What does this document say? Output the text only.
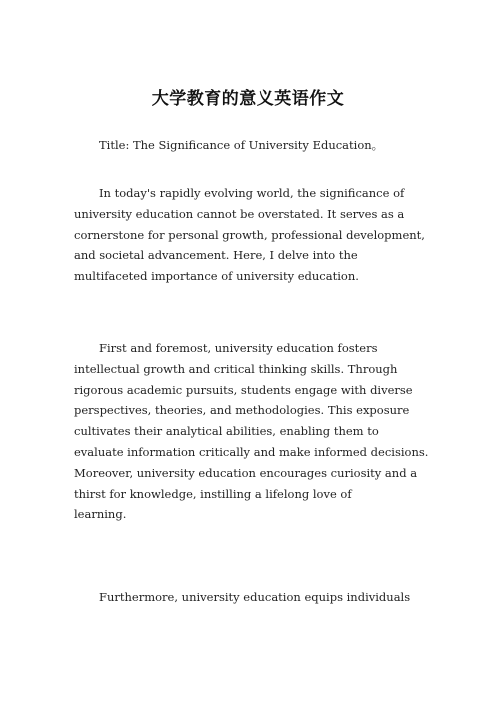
大学教育的意义英语作文
Title: The Significance of University Education。

In today's rapidly evolving world, the significance of
university education cannot be overstated. It serves as a
cornerstone for personal growth, professional development,
and societal advancement. Here, I delve into the
multifaceted importance of university education.

First and foremost, university education fosters
intellectual growth and critical thinking skills. Through
rigorous academic pursuits, students engage with diverse
perspectives, theories, and methodologies. This exposure
cultivates their analytical abilities, enabling them to
evaluate information critically and make informed decisions.
Moreover, university education encourages curiosity and a
thirst for knowledge, instilling a lifelong love of
learning.

Furthermore, university education equips individuals
